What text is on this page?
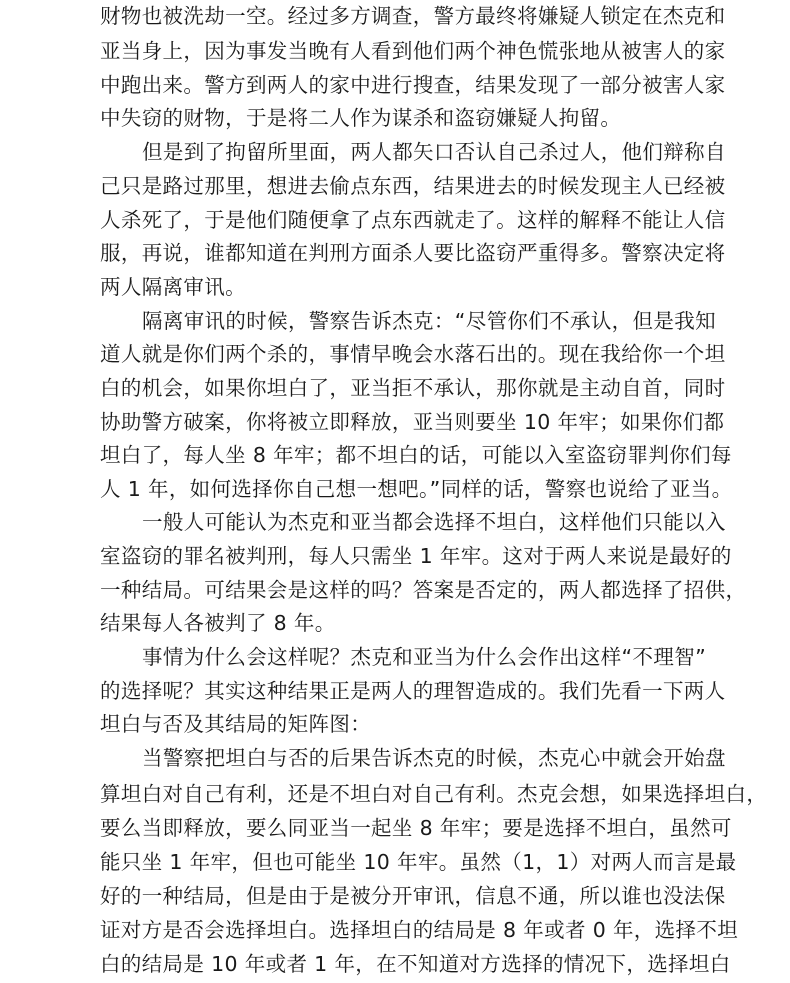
财物也被洗劫一空。经过多方调查，警方最终将嫌疑人锁定在杰克和
亚当身上，因为事发当晚有人看到他们两个神色慌张地从被害人的家
中跑出来。警方到两人的家中进行搜查，结果发现了一部分被害人家
中失窃的财物，于是将二人作为谋杀和盗窃嫌疑人拘留。
但是到了拘留所里面，两人都矢口否认自己杀过人，他们辩称自
己只是路过那里，想进去偷点东西，结果进去的时候发现主人已经被
人杀死了，于是他们随便拿了点东西就走了。这样的解释不能让人信
服，再说，谁都知道在判刑方面杀人要比盗窃严重得多。警察决定将
两人隔离审讯。
隔离审讯的时候，警察告诉杰克：“尽管你们不承认，但是我知
道人就是你们两个杀的，事情早晚会水落石出的。现在我给你一个坦
白的机会，如果你坦白了，亚当拒不承认，那你就是主动自首，同时
协助警方破案，你将被立即释放，亚当则要坐 10 年牢；如果你们都
坦白了，每人坐 8 年牢；都不坦白的话，可能以入室盗窃罪判你们每
人 1 年，如何选择你自己想一想吧。”同样的话，警察也说给了亚当。
一般人可能认为杰克和亚当都会选择不坦白，这样他们只能以入
室盗窃的罪名被判刑，每人只需坐 1 年牢。这对于两人来说是最好的
一种结局。可结果会是这样的吗？答案是否定的，两人都选择了招供，
结果每人各被判了 8 年。
事情为什么会这样呢？杰克和亚当为什么会作出这样“不理智”
的选择呢？其实这种结果正是两人的理智造成的。我们先看一下两人
坦白与否及其结局的矩阵图：
当警察把坦白与否的后果告诉杰克的时候，杰克心中就会开始盘
算坦白对自己有利，还是不坦白对自己有利。杰克会想，如果选择坦白，
要么当即释放，要么同亚当一起坐 8 年牢；要是选择不坦白，虽然可
能只坐 1 年牢，但也可能坐 10 年牢。虽然（1，1）对两人而言是最
好的一种结局，但是由于是被分开审讯，信息不通，所以谁也没法保
证对方是否会选择坦白。选择坦白的结局是 8 年或者 0 年，选择不坦
白的结局是 10 年或者 1 年，在不知道对方选择的情况下，选择坦白
